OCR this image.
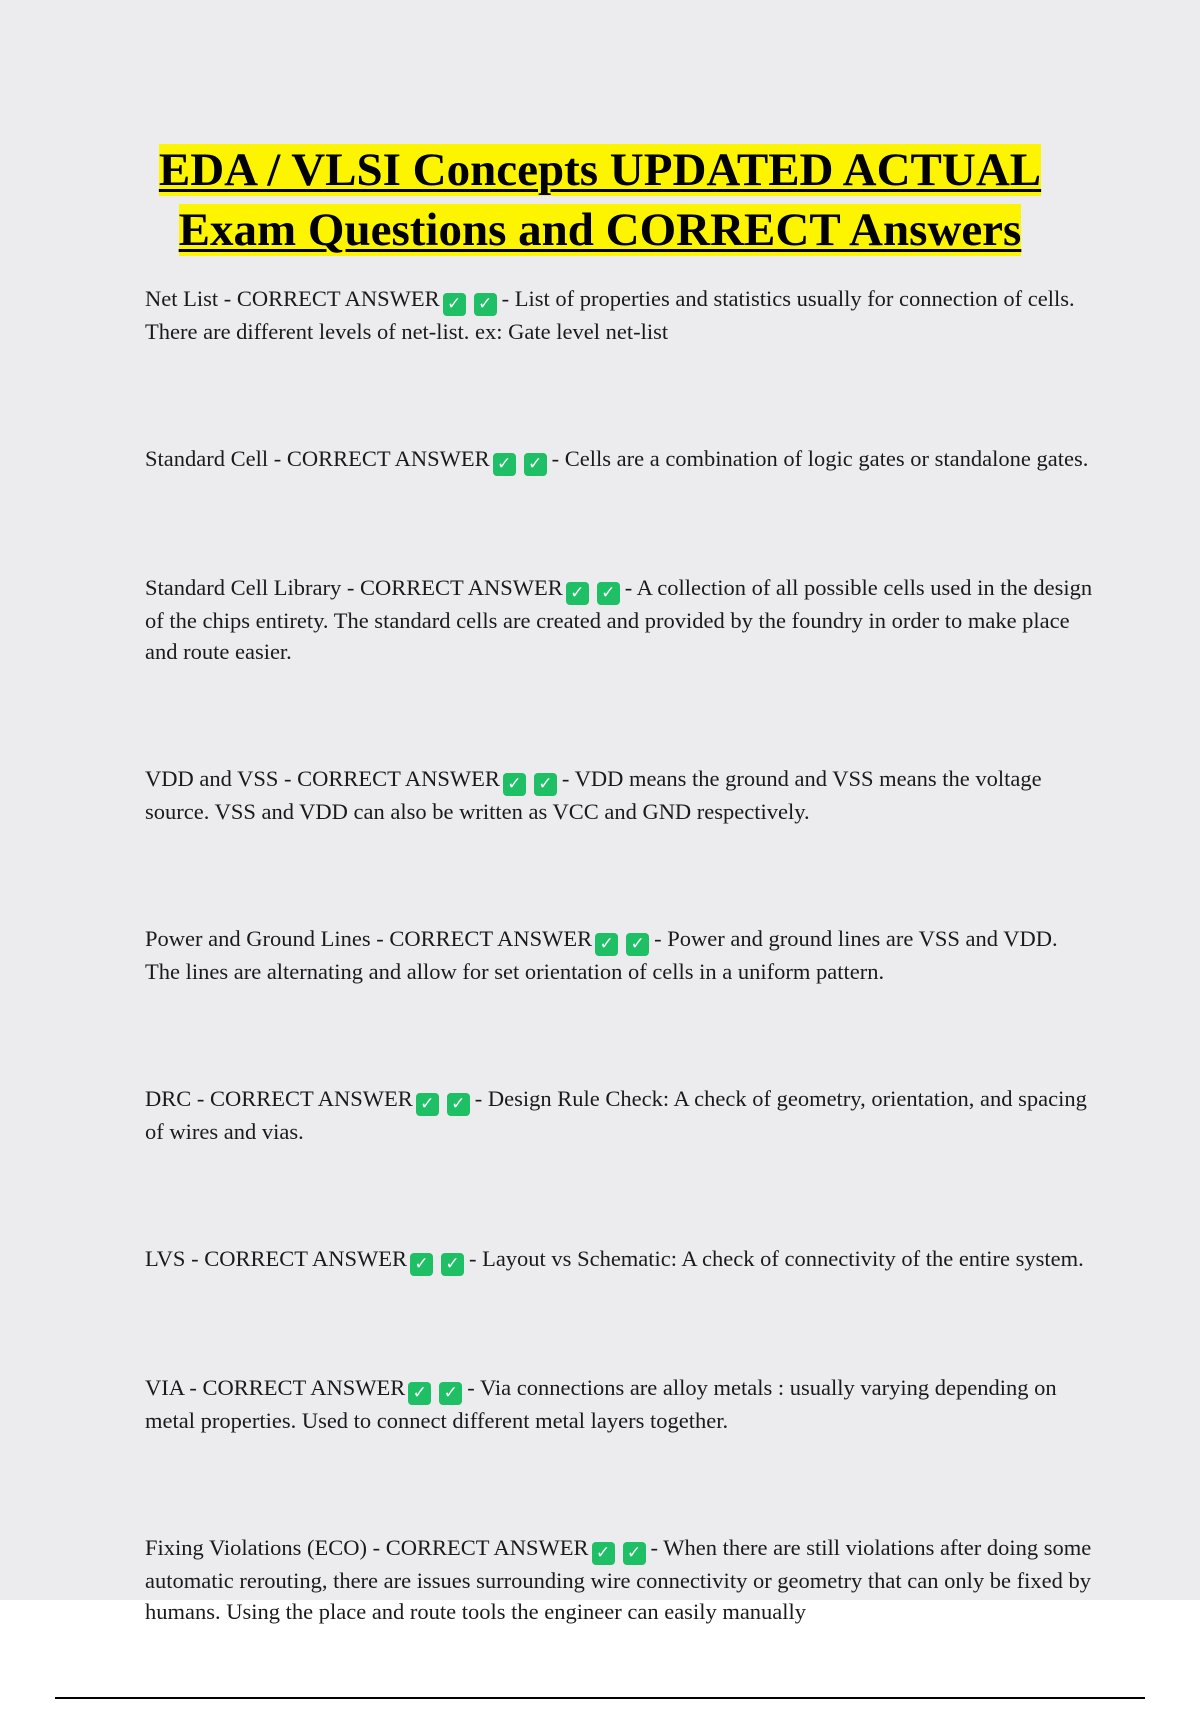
EDA / VLSI Concepts UPDATED ACTUAL
Exam Questions and CORRECT Answers

Net List - CORRECT ANSWER ✓ ✓ - List of properties and statistics usually for connection of cells. There are different levels of net-list. ex: Gate level net-list

Standard Cell - CORRECT ANSWER ✓ ✓ - Cells are a combination of logic gates or standalone gates.

Standard Cell Library - CORRECT ANSWER ✓ ✓ - A collection of all possible cells used in the design of the chips entirety. The standard cells are created and provided by the foundry in order to make place and route easier.

VDD and VSS - CORRECT ANSWER ✓ ✓ - VDD means the ground and VSS means the voltage source. VSS and VDD can also be written as VCC and GND respectively.

Power and Ground Lines - CORRECT ANSWER ✓ ✓ - Power and ground lines are VSS and VDD. The lines are alternating and allow for set orientation of cells in a uniform pattern.

DRC - CORRECT ANSWER ✓ ✓ - Design Rule Check: A check of geometry, orientation, and spacing of wires and vias.

LVS - CORRECT ANSWER ✓ ✓ - Layout vs Schematic: A check of connectivity of the entire system.

VIA - CORRECT ANSWER ✓ ✓ - Via connections are alloy metals : usually varying depending on metal properties. Used to connect different metal layers together.

Fixing Violations (ECO) - CORRECT ANSWER ✓ ✓ - When there are still violations after doing some automatic rerouting, there are issues surrounding wire connectivity or geometry that can only be fixed by humans. Using the place and route tools the engineer can easily manually
